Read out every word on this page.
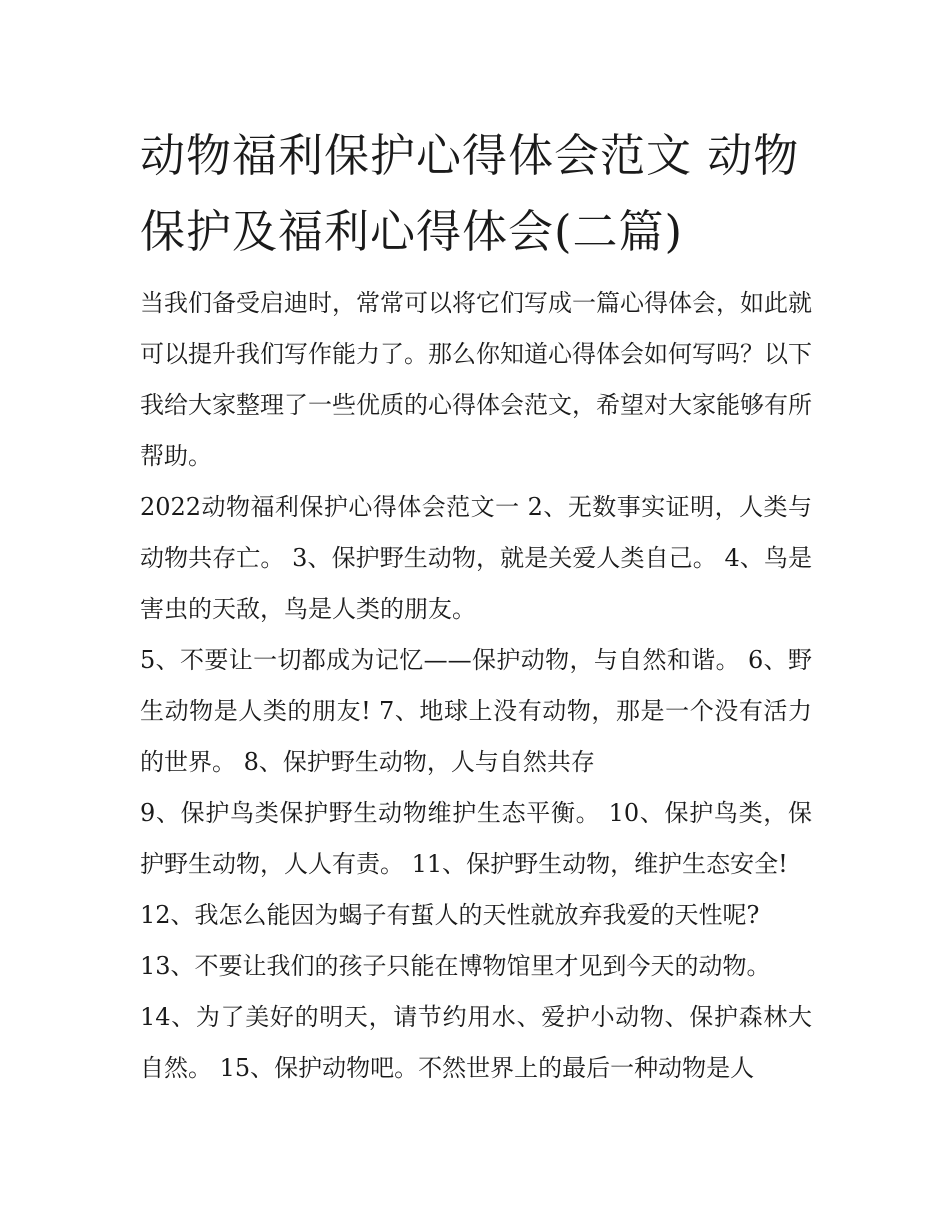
动物福利保护心得体会范文 动物保护及福利心得体会(二篇)

当我们备受启迪时，常常可以将它们写成一篇心得体会，如此就可以提升我们写作能力了。那么你知道心得体会如何写吗？以下我给大家整理了一些优质的心得体会范文，希望对大家能够有所帮助。

2022动物福利保护心得体会范文一 2、无数事实证明，人类与动物共存亡。 3、保护野生动物，就是关爱人类自己。 4、鸟是害虫的天敌，鸟是人类的朋友。

5、不要让一切都成为记忆——保护动物，与自然和谐。 6、野生动物是人类的朋友! 7、地球上没有动物，那是一个没有活力的世界。 8、保护野生动物，人与自然共存

9、保护鸟类保护野生动物维护生态平衡。 10、保护鸟类，保护野生动物，人人有责。 11、保护野生动物，维护生态安全!

12、我怎么能因为蝎子有蜇人的天性就放弃我爱的天性呢?

13、不要让我们的孩子只能在博物馆里才见到今天的动物。

14、为了美好的明天，请节约用水、爱护小动物、保护森林大自然。 15、保护动物吧。不然世界上的最后一种动物是人
